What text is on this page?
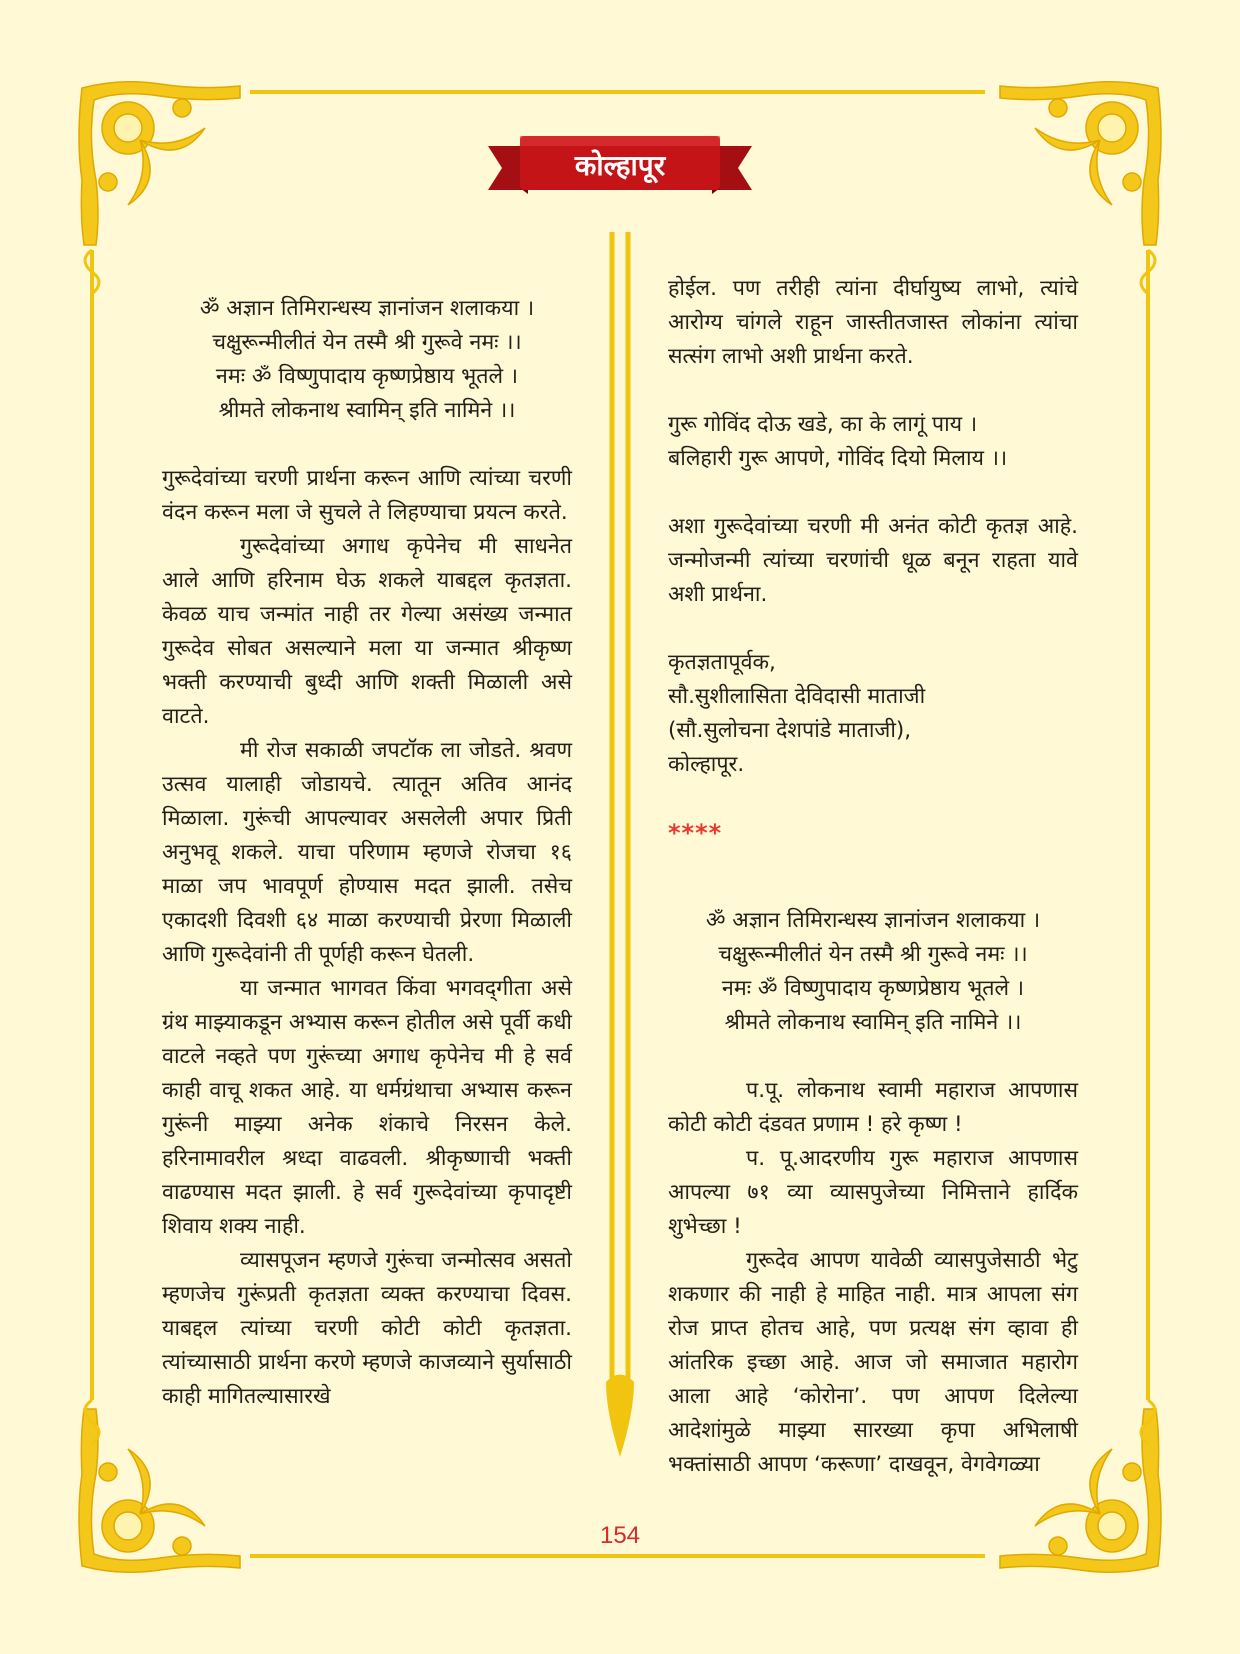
कोल्हापूर
ॐ अज्ञान तिमिरान्धस्य ज्ञानांजन शलाकया ।
चक्षुरून्मीलीतं येन तस्मै श्री गुरूवे नमः ।।
नमः ॐ विष्णुपादाय कृष्णप्रेष्ठाय भूतले ।
श्रीमते लोकनाथ स्वामिन् इति नामिने ।।

गुरूदेवांच्या चरणी प्रार्थना करून आणि त्यांच्या चरणी वंदन करून मला जे सुचले ते लिहण्याचा प्रयत्न करते.

गुरूदेवांच्या अगाध कृपेनेच मी साधनेत आले आणि हरिनाम घेऊ शकले याबद्दल कृतज्ञता. केवळ याच जन्मांत नाही तर गेल्या असंख्य जन्मात गुरूदेव सोबत असल्याने मला या जन्मात श्रीकृष्ण भक्ती करण्याची बुध्दी आणि शक्ती मिळाली असे वाटते.

मी रोज सकाळी जपटॉक ला जोडते. श्रवण उत्सव यालाही जोडायचे. त्यातून अतिव आनंद मिळाला. गुरूंची आपल्यावर असलेली अपार प्रिती अनुभवू शकले. याचा परिणाम म्हणजे रोजचा १६ माळा जप भावपूर्ण होण्यास मदत झाली. तसेच एकादशी दिवशी ६४ माळा करण्याची प्रेरणा मिळाली आणि गुरूदेवांनी ती पूर्णही करून घेतली.

या जन्मात भागवत किंवा भगवद्‌गीता असे ग्रंथ माझ्याकडून अभ्यास करून होतील असे पूर्वी कधी वाटले नव्हते पण गुरूंच्या अगाध कृपेनेच मी हे सर्व काही वाचू शकत आहे. या धर्मग्रंथाचा अभ्यास करून गुरूंनी माझ्या अनेक शंकाचे निरसन केले. हरिनामावरील श्रध्दा वाढवली. श्रीकृष्णाची भक्ती वाढण्यास मदत झाली. हे सर्व गुरूदेवांच्या कृपादृष्टी शिवाय शक्य नाही.

व्यासपूजन म्हणजे गुरूंचा जन्मोत्सव असतो म्हणजेच गुरूंप्रती कृतज्ञता व्यक्त करण्याचा दिवस. याबद्दल त्यांच्या चरणी कोटी कोटी कृतज्ञता. त्यांच्यासाठी प्रार्थना करणे म्हणजे काजव्याने सुर्यासाठी काही मागितल्यासारखे

होईल. पण तरीही त्यांना दीर्घायुष्य लाभो, त्यांचे आरोग्य चांगले राहून जास्तीतजास्त लोकांना त्यांचा सत्संग लाभो अशी प्रार्थना करते.

गुरू गोविंद दोऊ खडे, का के लागूं पाय ।
बलिहारी गुरू आपणे, गोविंद दियो मिलाय ।।

अशा गुरूदेवांच्या चरणी मी अनंत कोटी कृतज्ञ आहे. जन्मोजन्मी त्यांच्या चरणांची धूळ बनून राहता यावे अशी प्रार्थना.

कृतज्ञतापूर्वक,
सौ.सुशीलासिता देविदासी माताजी
(सौ.सुलोचना देशपांडे माताजी),
कोल्हापूर.
****
ॐ अज्ञान तिमिरान्धस्य ज्ञानांजन शलाकया ।
चक्षुरून्मीलीतं येन तस्मै श्री गुरूवे नमः ।।
नमः ॐ विष्णुपादाय कृष्णप्रेष्ठाय भूतले ।
श्रीमते लोकनाथ स्वामिन् इति नामिने ।।

प.पू. लोकनाथ स्वामी महाराज आपणास कोटी कोटी दंडवत प्रणाम ! हरे कृष्ण !

प. पू.आदरणीय गुरू महाराज आपणास आपल्या ७१ व्या व्यासपुजेच्या निमित्ताने हार्दिक शुभेच्छा !

गुरूदेव आपण यावेळी व्यासपुजेसाठी भेटु शकणार की नाही हे माहित नाही. मात्र आपला संग रोज प्राप्त होतच आहे, पण प्रत्यक्ष संग व्हावा ही आंतरिक इच्छा आहे. आज जो समाजात महारोग आला आहे ‘कोरोना’. पण आपण दिलेल्या आदेशांमुळे माझ्या सारख्या कृपा अभिलाषी भक्तांसाठी आपण ‘करूणा’ दाखवून, वेगवेगळ्या

154
